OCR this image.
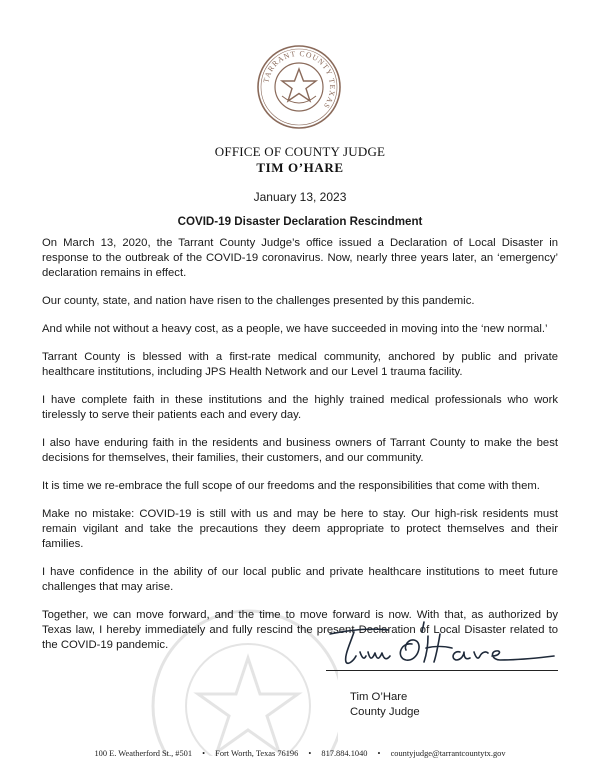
TARRANT COUNTY TEXAS
OFFICE OF COUNTY JUDGE
TIM O’HARE
January 13, 2023
COVID-19 Disaster Declaration Rescindment

On March 13, 2020, the Tarrant County Judge’s office issued a Declaration of Local Disaster in response to the outbreak of the COVID-19 coronavirus. Now, nearly three years later, an ‘emergency’ declaration remains in effect.

Our county, state, and nation have risen to the challenges presented by this pandemic.

And while not without a heavy cost, as a people, we have succeeded in moving into the ‘new normal.’

Tarrant County is blessed with a first-rate medical community, anchored by public and private healthcare institutions, including JPS Health Network and our Level 1 trauma facility.

I have complete faith in these institutions and the highly trained medical professionals who work tirelessly to serve their patients each and every day.

I also have enduring faith in the residents and business owners of Tarrant County to make the best decisions for themselves, their families, their customers, and our community.

It is time we re-embrace the full scope of our freedoms and the responsibilities that come with them.

Make no mistake: COVID-19 is still with us and may be here to stay. Our high-risk residents must remain vigilant and take the precautions they deem appropriate to protect themselves and their families.

I have confidence in the ability of our local public and private healthcare institutions to meet future challenges that may arise.

Together, we can move forward, and the time to move forward is now. With that, as authorized by Texas law, I hereby immediately and fully rescind the present Declaration of Local Disaster related to the COVID-19 pandemic.

Tim O’Hare
County Judge
100 E. Weatherford St., #501 • Fort Worth, Texas 76196 • 817.884.1040 • countyjudge@tarrantcountytx.gov
